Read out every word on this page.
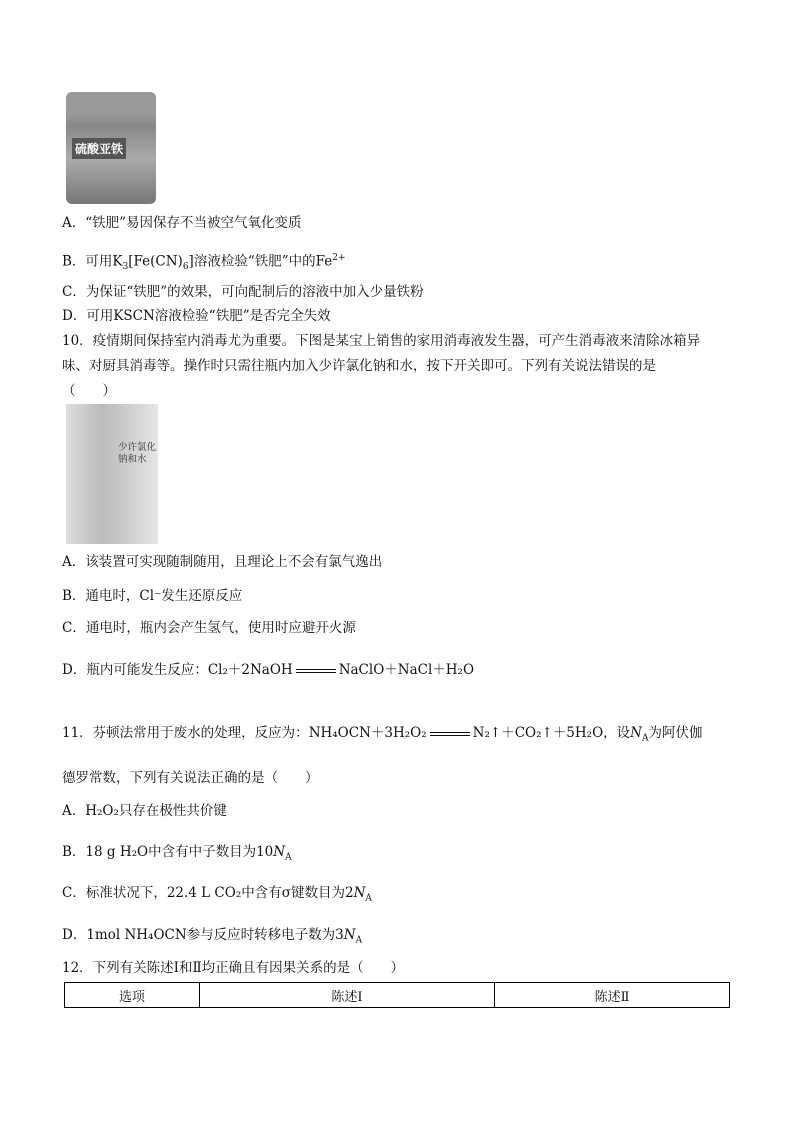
硫酸亚铁
A．“铁肥”易因保存不当被空气氧化变质
B．可用$K_3[Fe(CN)_6]$溶液检验“铁肥”中的$Fe^{2+}$
C．为保证“铁肥”的效果，可向配制后的溶液中加入少量铁粉
D．可用KSCN溶液检验“铁肥”是否完全失效
10．疫情期间保持室内消毒尤为重要。下图是某宝上销售的家用消毒液发生器，可产生消毒液来清除冰箱异
味、对厨具消毒等。操作时只需往瓶内加入少许氯化钠和水，按下开关即可。下列有关说法错误的是
（　　）
少许氯化钠和水
A．该装置可实现随制随用，且理论上不会有氯气逸出
B．通电时，Cl⁻发生还原反应
C．通电时，瓶内会产生氢气，使用时应避开火源
D．瓶内可能发生反应：Cl₂＋2NaOH	NaClO＋NaCl＋H₂O
11．芬顿法常用于废水的处理，反应为：NH₄OCN＋3H₂O₂	N₂↑＋CO₂↑＋5H₂O，设$N_A$为阿伏伽
德罗常数，下列有关说法正确的是（　　）
A．H₂O₂只存在极性共价键
B．18 g H₂O中含有中子数目为$10N_A$
C．标准状况下，22.4 L CO₂中含有σ键数目为$2N_A$
D．1mol NH₄OCN参与反应时转移电子数为$3N_A$
12．下列有关陈述Ⅰ和Ⅱ均正确且有因果关系的是（　　）
选项	陈述Ⅰ	陈述Ⅱ
